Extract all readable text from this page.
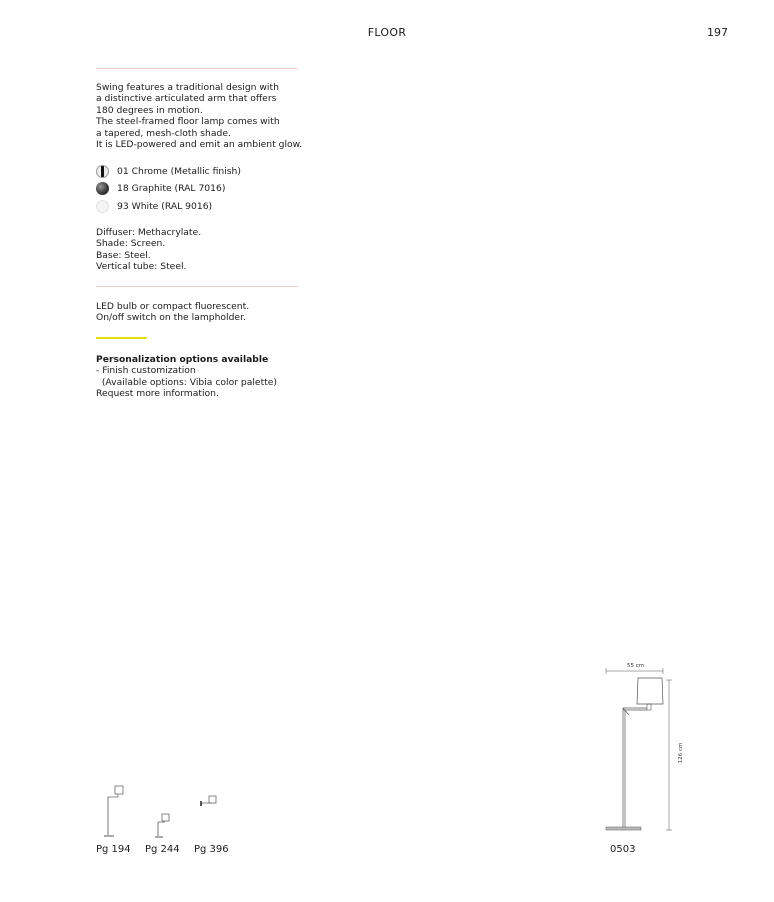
FLOOR	197
Swing features a traditional design with
a distinctive articulated arm that offers
180 degrees in motion.
The steel-framed floor lamp comes with
a tapered, mesh-cloth shade.
It is LED-powered and emit an ambient glow.
01 Chrome (Metallic finish)
18 Graphite (RAL 7016)
93 White (RAL 9016)
Diffuser: Methacrylate.
Shade: Screen.
Base: Steel.
Vertical tube: Steel.
LED bulb or compact fluorescent.
On/off switch on the lampholder.
Personalization options available
- Finish customization
(Available options: Vibia color palette)
Request more information.
Pg 194 Pg 244 Pg 396
55 cm
126 cm
0503
